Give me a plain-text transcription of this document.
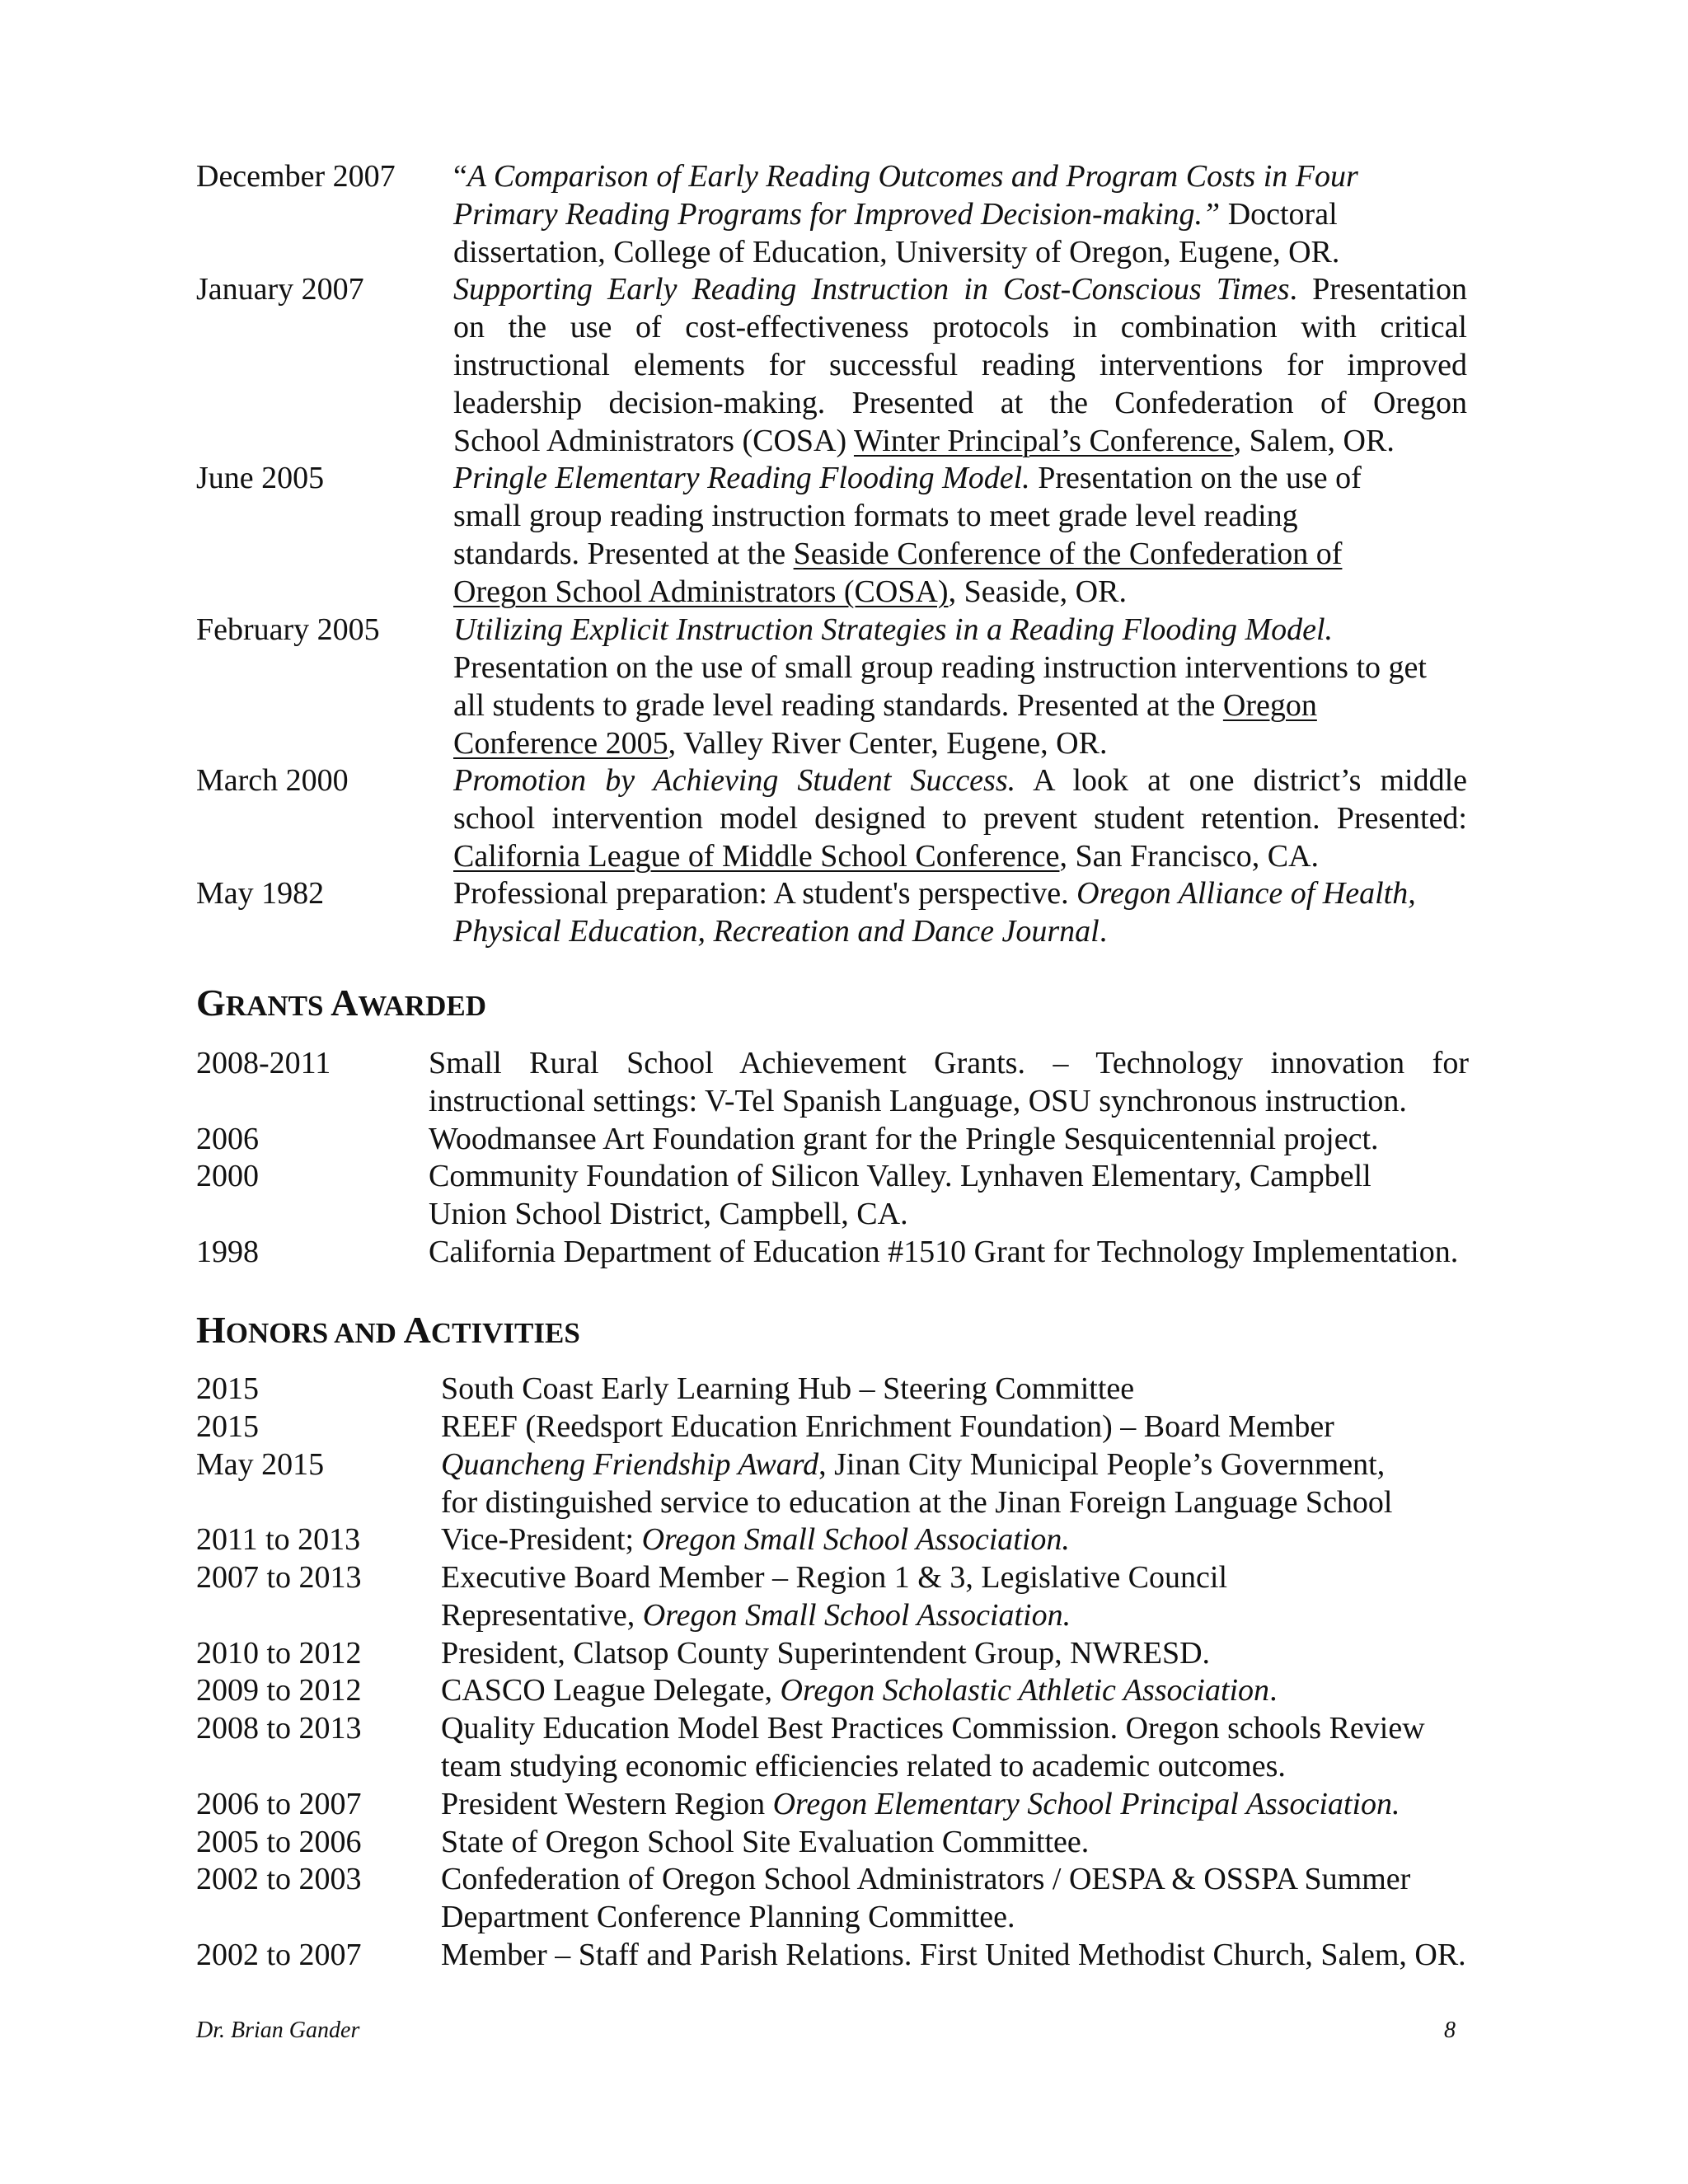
December 2007 “A Comparison of Early Reading Outcomes and Program Costs in Four
Primary Reading Programs for Improved Decision-making.” Doctoral
dissertation, College of Education, University of Oregon, Eugene, OR.
January 2007	Supporting Early Reading Instruction in Cost-Conscious Times. Presentation
on the use of cost-effectiveness protocols in combination with critical
instructional elements for successful reading interventions for improved
leadership decision-making. Presented at the Confederation of Oregon
School Administrators (COSA) Winter Principal’s Conference, Salem, OR.
June 2005	Pringle Elementary Reading Flooding Model. Presentation on the use of
small group reading instruction formats to meet grade level reading
standards. Presented at the Seaside Conference of the Confederation of
Oregon School Administrators (COSA), Seaside, OR.
February 2005 Utilizing Explicit Instruction Strategies in a Reading Flooding Model.
Presentation on the use of small group reading instruction interventions to get
all students to grade level reading standards. Presented at the Oregon
Conference 2005, Valley River Center, Eugene, OR.
March 2000	Promotion by Achieving Student Success. A look at one district’s middle
school intervention model designed to prevent student retention. Presented:
California League of Middle School Conference, San Francisco, CA.
May 1982	Professional preparation: A student's perspective. Oregon Alliance of Health,
Physical Education, Recreation and Dance Journal.
GRANTS AWARDED
2008-2011	Small Rural School Achievement Grants. – Technology innovation for
instructional settings: V-Tel Spanish Language, OSU synchronous instruction.
2006	Woodmansee Art Foundation grant for the Pringle Sesquicentennial project.
2000	Community Foundation of Silicon Valley. Lynhaven Elementary, Campbell
Union School District, Campbell, CA.
1998	California Department of Education #1510 Grant for Technology Implementation.
HONORS AND ACTIVITIES
2015	South Coast Early Learning Hub – Steering Committee
2015	REEF (Reedsport Education Enrichment Foundation) – Board Member
May 2015	Quancheng Friendship Award, Jinan City Municipal People’s Government,
for distinguished service to education at the Jinan Foreign Language School
2011 to 2013	Vice-President; Oregon Small School Association.
2007 to 2013	Executive Board Member – Region 1 & 3, Legislative Council
Representative, Oregon Small School Association.
2010 to 2012	President, Clatsop County Superintendent Group, NWRESD.
2009 to 2012	CASCO League Delegate, Oregon Scholastic Athletic Association.
2008 to 2013	Quality Education Model Best Practices Commission. Oregon schools Review
team studying economic efficiencies related to academic outcomes.
2006 to 2007	President Western Region Oregon Elementary School Principal Association.
2005 to 2006	State of Oregon School Site Evaluation Committee.
2002 to 2003	Confederation of Oregon School Administrators / OESPA & OSSPA Summer
Department Conference Planning Committee.
2002 to 2007	Member – Staff and Parish Relations. First United Methodist Church, Salem, OR.
Dr. Brian Gander	8
